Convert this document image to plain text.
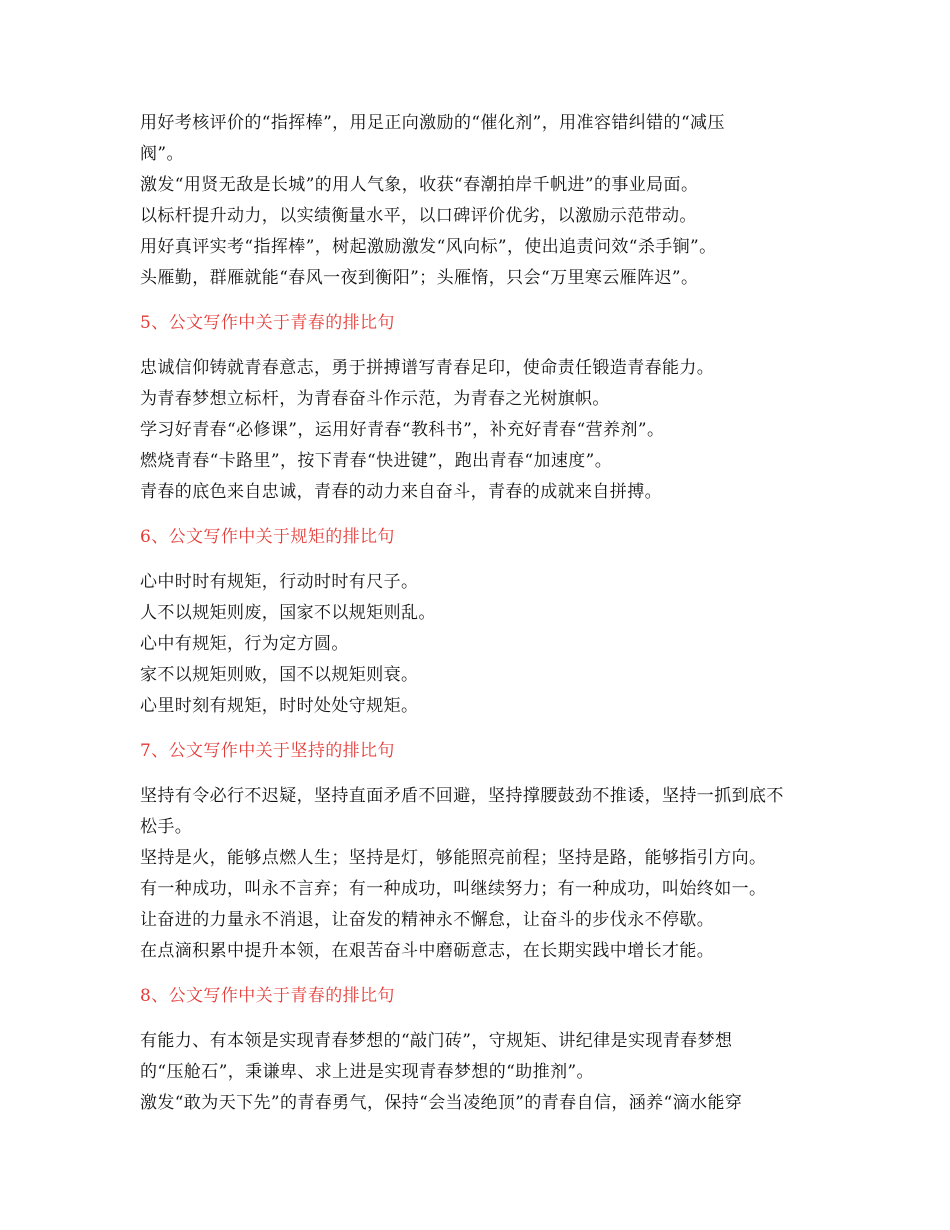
用好考核评价的“指挥棒”，用足正向激励的“催化剂”，用准容错纠错的“减压
阀”。
激发“用贤无敌是长城”的用人气象，收获“春潮拍岸千帆进”的事业局面。
以标杆提升动力，以实绩衡量水平，以口碑评价优劣，以激励示范带动。
用好真评实考“指挥棒”，树起激励激发“风向标”，使出追责问效“杀手锏”。
头雁勤，群雁就能“春风一夜到衡阳”；头雁惰，只会“万里寒云雁阵迟”。
5、公文写作中关于青春的排比句
忠诚信仰铸就青春意志，勇于拼搏谱写青春足印，使命责任锻造青春能力。
为青春梦想立标杆，为青春奋斗作示范，为青春之光树旗帜。
学习好青春“必修课”，运用好青春“教科书”，补充好青春“营养剂”。
燃烧青春“卡路里”，按下青春“快进键”，跑出青春“加速度”。
青春的底色来自忠诚，青春的动力来自奋斗，青春的成就来自拼搏。
6、公文写作中关于规矩的排比句
心中时时有规矩，行动时时有尺子。
人不以规矩则废，国家不以规矩则乱。
心中有规矩，行为定方圆。
家不以规矩则败，国不以规矩则衰。
心里时刻有规矩，时时处处守规矩。
7、公文写作中关于坚持的排比句
坚持有令必行不迟疑，坚持直面矛盾不回避，坚持撑腰鼓劲不推诿，坚持一抓到底不
松手。
坚持是火，能够点燃人生；坚持是灯，够能照亮前程；坚持是路，能够指引方向。
有一种成功，叫永不言弃；有一种成功，叫继续努力；有一种成功，叫始终如一。
让奋进的力量永不消退，让奋发的精神永不懈怠，让奋斗的步伐永不停歇。
在点滴积累中提升本领，在艰苦奋斗中磨砺意志，在长期实践中增长才能。
8、公文写作中关于青春的排比句
有能力、有本领是实现青春梦想的“敲门砖”，守规矩、讲纪律是实现青春梦想
的“压舱石”，秉谦卑、求上进是实现青春梦想的“助推剂”。
激发“敢为天下先”的青春勇气，保持“会当凌绝顶”的青春自信，涵养“滴水能穿
